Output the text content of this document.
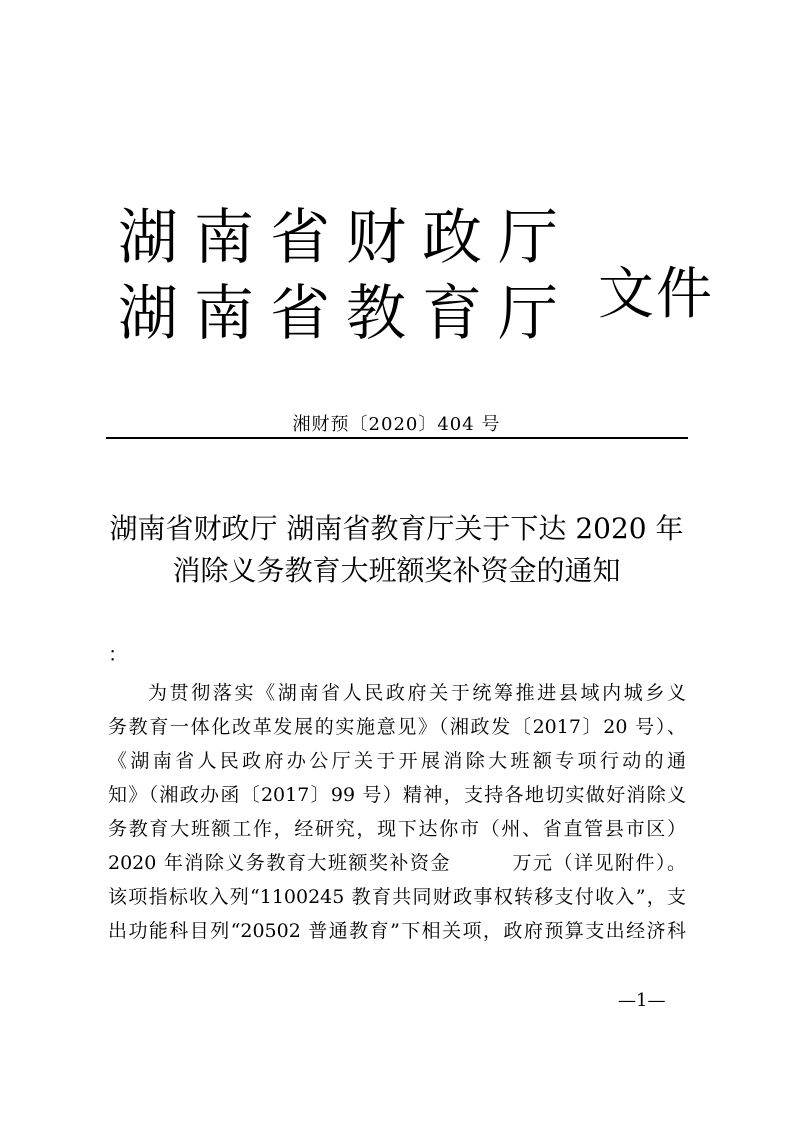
湖南省财政厅
湖南省教育厅 文件
湘财预〔2020〕404 号
湖南省财政厅 湖南省教育厅关于下达 2020 年
消除义务教育大班额奖补资金的通知
：
为贯彻落实《湖南省人民政府关于统筹推进县域内城乡义
务教育一体化改革发展的实施意见》（湘政发〔2017〕20 号）、
《湖南省人民政府办公厅关于开展消除大班额专项行动的通
知》（湘政办函〔2017〕99 号）精神，支持各地切实做好消除义
务教育大班额工作，经研究，现下达你市（州、省直管县市区）
2020 年消除义务教育大班额奖补资金　　　万元（详见附件）。
该项指标收入列“1100245 教育共同财政事权转移支付收入”，支
出功能科目列“20502 普通教育”下相关项，政府预算支出经济科
—1—
